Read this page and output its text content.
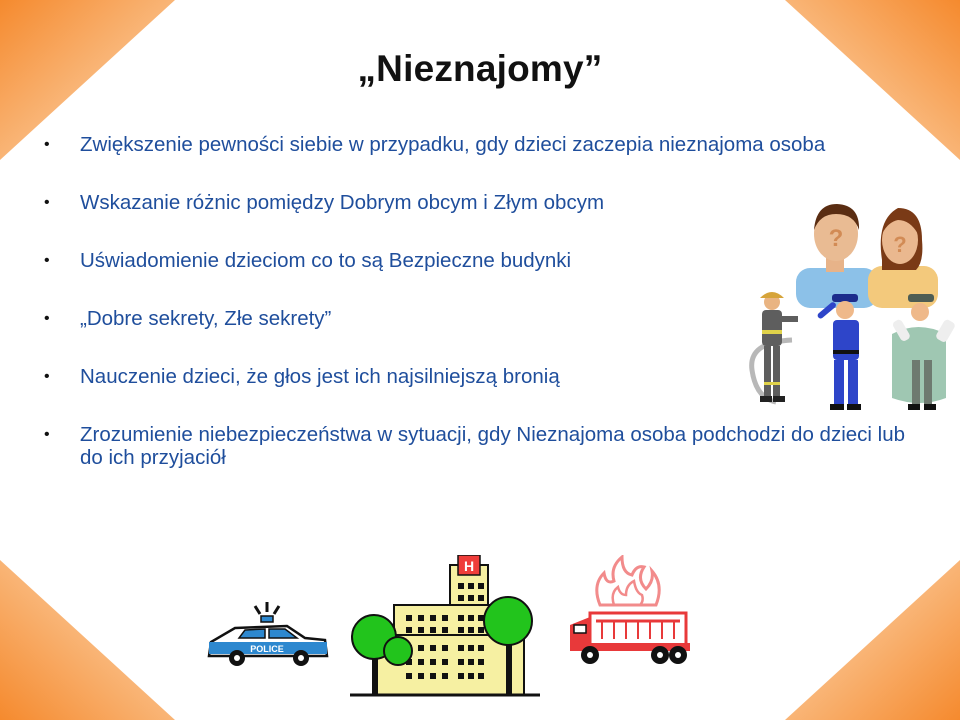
„Nieznajomy”
• Zwiększenie pewności siebie w przypadku, gdy dzieci zaczepia nieznajoma osoba
• Wskazanie różnic pomiędzy Dobrym obcym i Złym obcym
• Uświadomienie dzieciom co to są Bezpieczne budynki
• „Dobre sekrety, Złe sekrety”
• Nauczenie dzieci, że głos jest ich najsilniejszą bronią
• Zrozumienie niebezpieczeństwa w sytuacji, gdy Nieznajoma osoba podchodzi do dzieci lub do ich przyjaciół
? ?
POLICE
H
